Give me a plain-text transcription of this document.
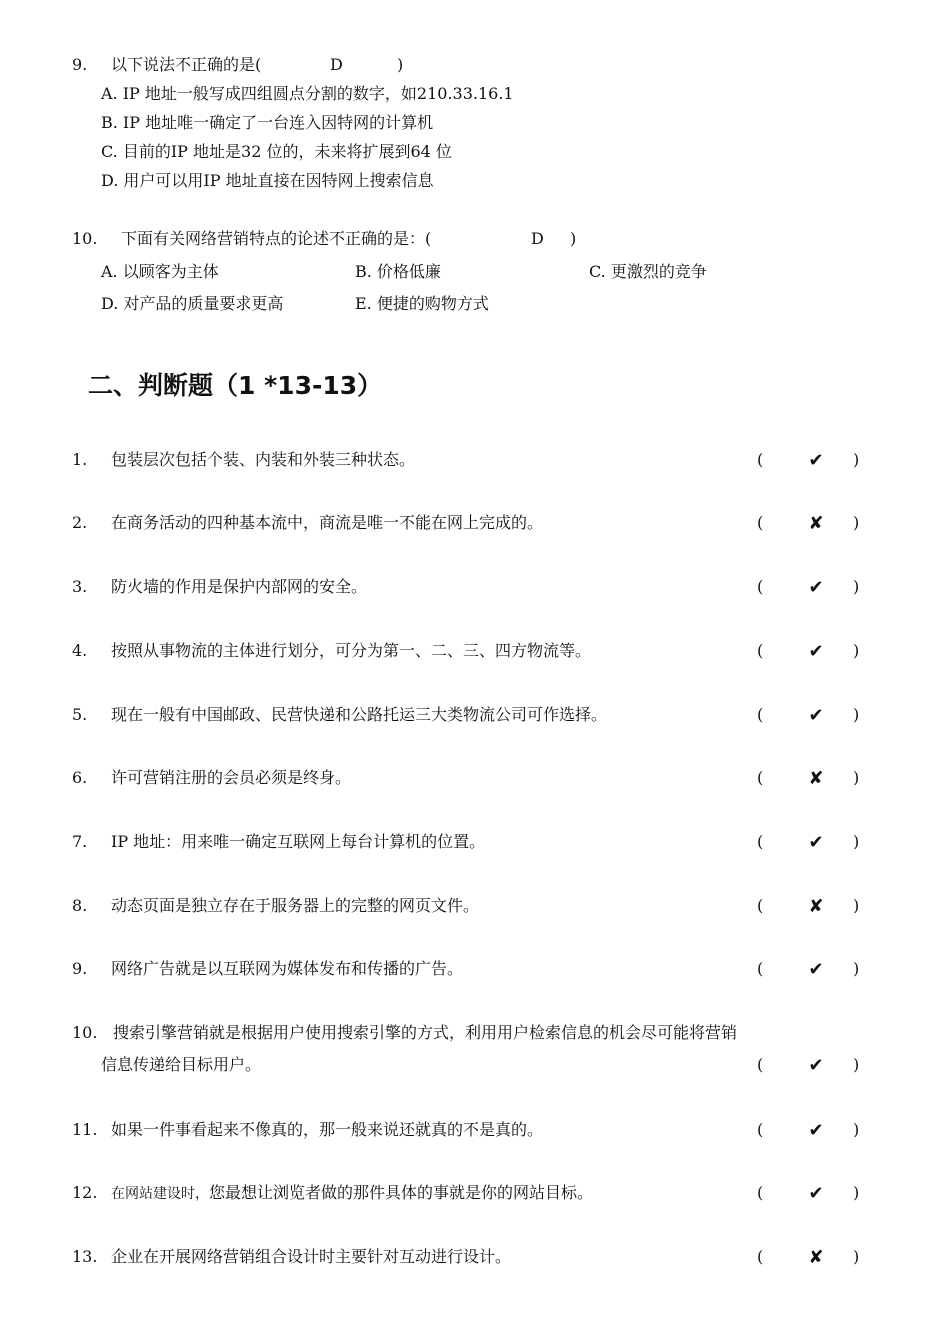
9. 以下说法不正确的是(	D	)
A. IP 地址一般写成四组圆点分割的数字，如210.33.16.1
B. IP 地址唯一确定了一台连入因特网的计算机
C. 目前的IP 地址是32 位的，未来将扩展到64 位
D. 用户可以用IP 地址直接在因特网上搜索信息
10. 下面有关网络营销特点的论述不正确的是：(	D )
A. 以顾客为主体	B. 价格低廉	C. 更激烈的竞争
D. 对产品的质量要求更高	E. 便捷的购物方式
二、判断题（1 *13-13）
1. 包装层次包括个装、内装和外装三种状态。	(	✔ )
2. 在商务活动的四种基本流中，商流是唯一不能在网上完成的。	(	✘ )
3. 防火墙的作用是保护内部网的安全。	(	✔ )
4. 按照从事物流的主体进行划分，可分为第一、二、三、四方物流等。	(	✔ )
5. 现在一般有中国邮政、民营快递和公路托运三大类物流公司可作选择。	(	✔ )
6. 许可营销注册的会员必须是终身。	(	✘ )
7. IP 地址：用来唯一确定互联网上每台计算机的位置。	(	✔ )
8. 动态页面是独立存在于服务器上的完整的网页文件。	(	✘ )
9. 网络广告就是以互联网为媒体发布和传播的广告。	(	✔ )
10. 搜索引擎营销就是根据用户使用搜索引擎的方式，利用用户检索信息的机会尽可能将营销
信息传递给目标用户。	(	✔ )
11. 如果一件事看起来不像真的，那一般来说还就真的不是真的。	(	✔ )
12. 在网站建设时，您最想让浏览者做的那件具体的事就是你的网站目标。	(	✔ )
13. 企业在开展网络营销组合设计时主要针对互动进行设计。	(	✘ )
